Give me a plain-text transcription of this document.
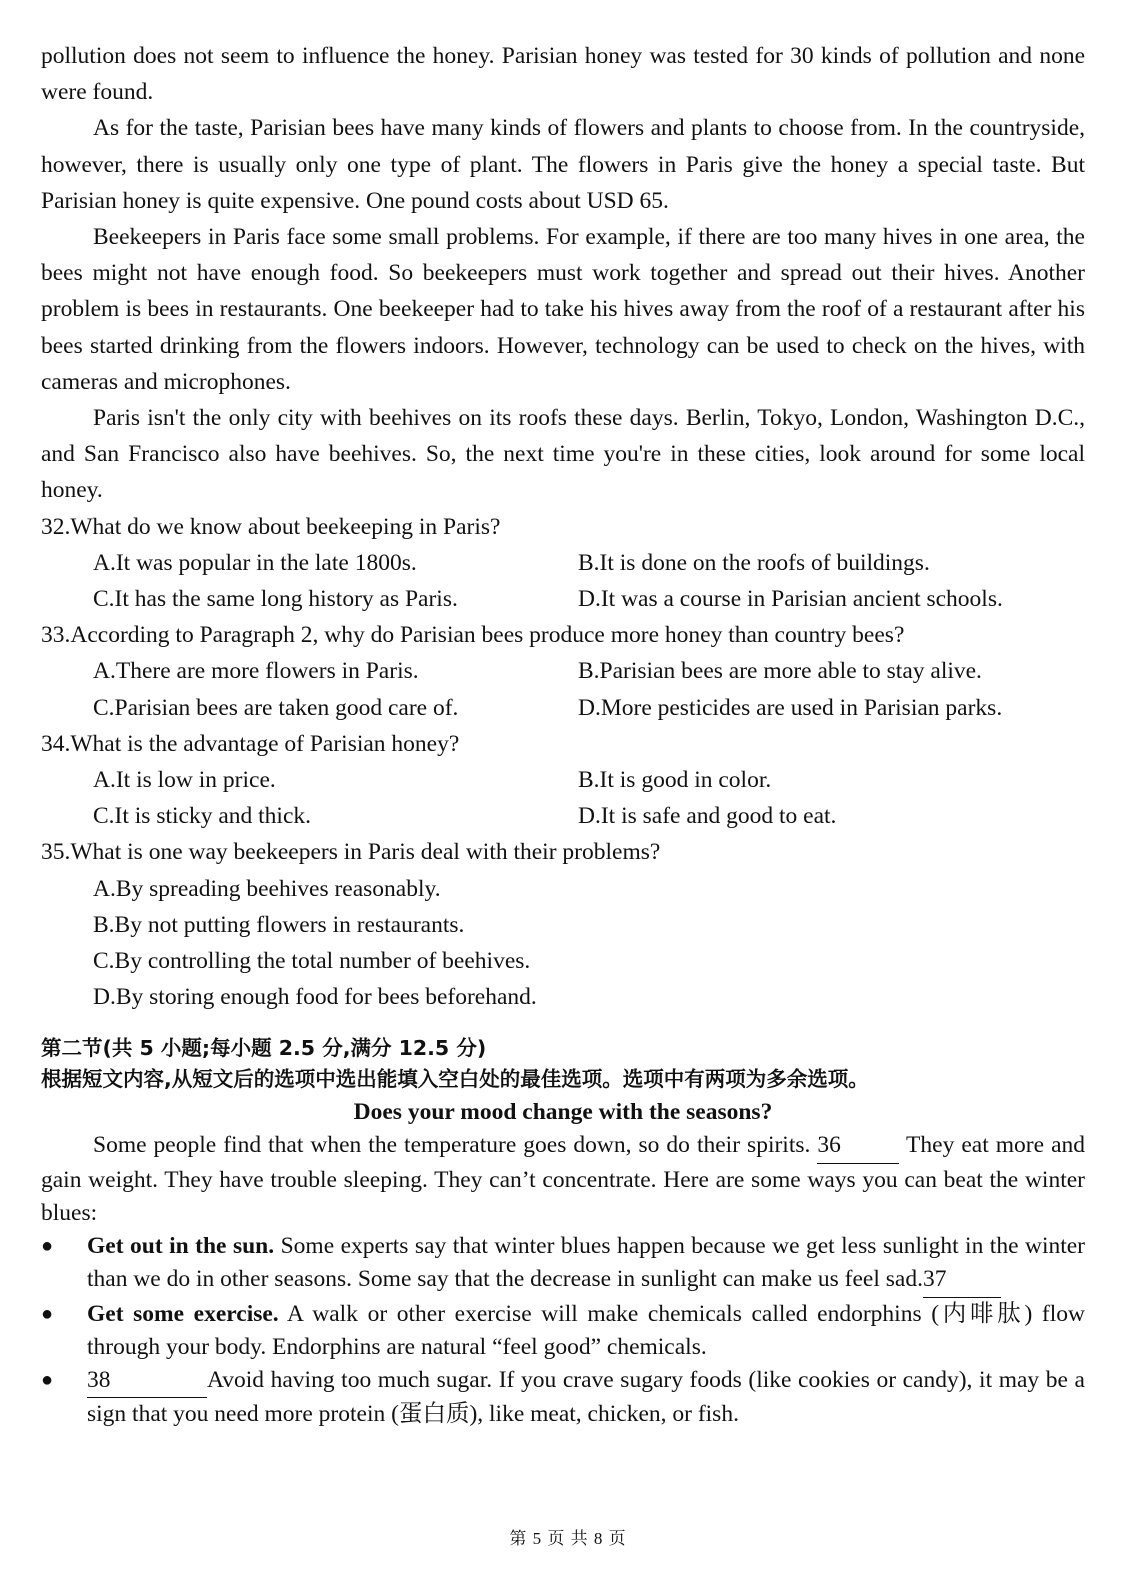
pollution does not seem to influence the honey. Parisian honey was tested for 30 kinds of pollution and none were found.

As for the taste, Parisian bees have many kinds of flowers and plants to choose from. In the countryside, however, there is usually only one type of plant. The flowers in Paris give the honey a special taste. But Parisian honey is quite expensive. One pound costs about USD 65.

Beekeepers in Paris face some small problems. For example, if there are too many hives in one area, the bees might not have enough food. So beekeepers must work together and spread out their hives. Another problem is bees in restaurants. One beekeeper had to take his hives away from the roof of a restaurant after his bees started drinking from the flowers indoors. However, technology can be used to check on the hives, with cameras and microphones.

Paris isn't the only city with beehives on its roofs these days. Berlin, Tokyo, London, Washington D.C., and San Francisco also have beehives. So, the next time you're in these cities, look around for some local honey.

32.What do we know about beekeeping in Paris?

A.It was popular in the late 1800s.	B.It is done on the roofs of buildings.
C.It has the same long history as Paris.	D.It was a course in Parisian ancient schools.

33.According to Paragraph 2, why do Parisian bees produce more honey than country bees?

A.There are more flowers in Paris.	B.Parisian bees are more able to stay alive.
C.Parisian bees are taken good care of.	D.More pesticides are used in Parisian parks.

34.What is the advantage of Parisian honey?

A.It is low in price.	B.It is good in color.
C.It is sticky and thick.	D.It is safe and good to eat.

35.What is one way beekeepers in Paris deal with their problems?

A.By spreading beehives reasonably.
B.By not putting flowers in restaurants.
C.By controlling the total number of beehives.
D.By storing enough food for bees beforehand.

第二节(共 5 小题;每小题 2.5 分,满分 12.5 分)

根据短文内容,从短文后的选项中选出能填入空白处的最佳选项。选项中有两项为多余选项。

Does your mood change with the seasons?

Some people find that when the temperature goes down, so do their spirits. 36	They eat more and gain weight. They have trouble sleeping. They can’t concentrate. Here are some ways you can beat the winter blues:

●	Get out in the sun. Some experts say that winter blues happen because we get less sunlight in the winter than we do in other seasons. Some say that the decrease in sunlight can make us feel sad.37

●	Get some exercise. A walk or other exercise will make chemicals called endorphins (内啡肽) flow through your body. Endorphins are natural “feel good” chemicals.

●	38	Avoid having too much sugar. If you crave sugary foods (like cookies or candy), it may be a sign that you need more protein (蛋白质), like meat, chicken, or fish.

第 5 页 共 8 页
